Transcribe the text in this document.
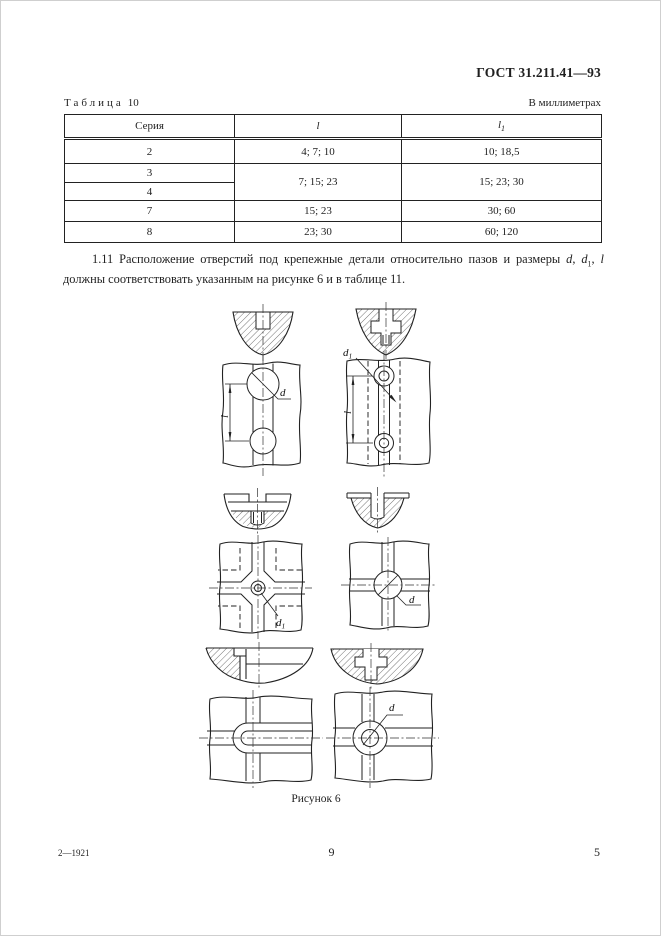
ГОСТ 31.211.41—93
Таблица 10	В миллиметрах
Серия	l	$l_1$
2	4; 7; 10	10; 18,5
3	7; 15; 23	15; 23; 30
4		
7	15; 23	30; 60
8	23; 30	60; 120
1.11 Расположение отверстий под крепежные детали относительно пазов и размеры d, $d_1$, l
должны соответствовать указанным на рисунке 6 и в таблице 11.
d
l
$d_1$
l
$d_1$
d
d
Рисунок 6
2—1921	9	5
